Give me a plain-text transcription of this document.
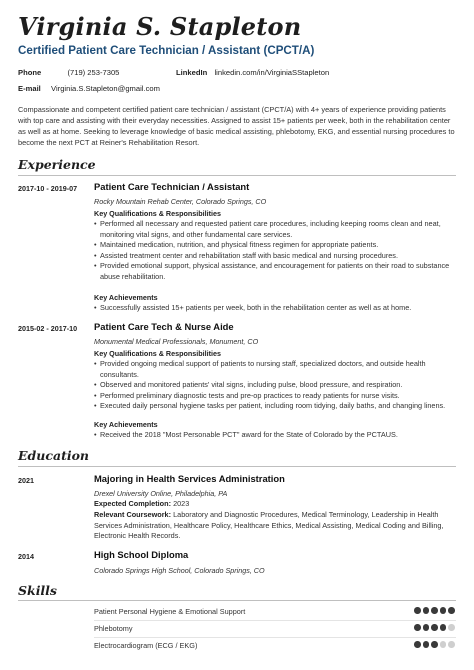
Virginia S. Stapleton
Certified Patient Care Technician / Assistant (CPCT/A)
Phone	(719) 253-7305	LinkedIn linkedin.com/in/VirginiaSStapleton
E-mail Virginia.S.Stapleton@gmail.com
Compassionate and competent certified patient care technician / assistant (CPCT/A) with 4+ years of experience providing patients with top care and assisting with their everyday necessities. Assigned to assist 15+ patients per week, both in the rehabilitation center as well as at home. Seeking to leverage knowledge of basic medical assisting, phlebotomy, EKG, and essential nursing procedures to become the next PCT at Reiner's Rehabilitation Resort.
Experience
2017-10 - 2019-07 Patient Care Technician / Assistant
Rocky Mountain Rehab Center, Colorado Springs, CO
Key Qualifications & Responsibilities
• Performed all necessary and requested patient care procedures, including keeping rooms clean and neat, monitoring vital signs, and other fundamental care services.
• Maintained medication, nutrition, and physical fitness regimen for appropriate patients.
• Assisted treatment center and rehabilitation staff with basic medical and nursing procedures.
• Provided emotional support, physical assistance, and encouragement for patients on their road to substance abuse rehabilitation.
Key Achievements
• Successfully assisted 15+ patients per week, both in the rehabilitation center as well as at home.
2015-02 - 2017-10 Patient Care Tech & Nurse Aide
Monumental Medical Professionals, Monument, CO
Key Qualifications & Responsibilities
• Provided ongoing medical support of patients to nursing staff, specialized doctors, and outside health consultants.
• Observed and monitored patients' vital signs, including pulse, blood pressure, and respiration.
• Performed preliminary diagnostic tests and pre-op practices to ready patients for nurse visits.
• Executed daily personal hygiene tasks per patient, including room tidying, daily baths, and changing linens.
Key Achievements
• Received the 2018 "Most Personable PCT" award for the State of Colorado by the PCTAUS.
Education
2021	Majoring in Health Services Administration
Drexel University Online, Philadelphia, PA
Expected Completion: 2023
Relevant Coursework: Laboratory and Diagnostic Procedures, Medical Terminology, Leadership in Health Services Administration, Healthcare Policy, Healthcare Ethics, Medical Assisting, Medical Coding and Billing, Electronic Health Records.
2014	High School Diploma
Colorado Springs High School, Colorado Springs, CO
Skills
Patient Personal Hygiene & Emotional Support
Phlebotomy
Electrocardiogram (ECG / EKG)
